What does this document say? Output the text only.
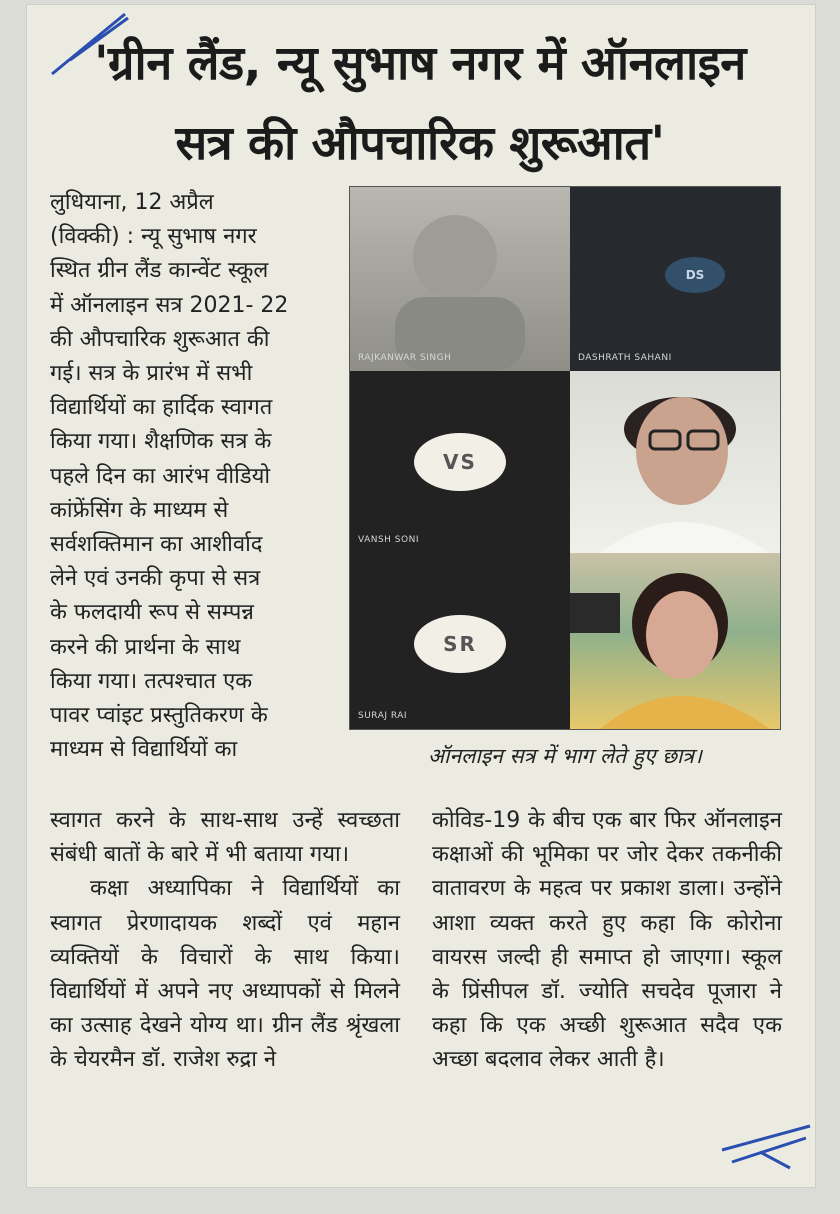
'ग्रीन लैंड, न्यू सुभाष नगर में ऑनलाइन
सत्र की औपचारिक शुरूआत'
लुधियाना, 12 अप्रैल
(विक्की) : न्यू सुभाष नगर
स्थित ग्रीन लैंड कान्वेंट स्कूल
में ऑनलाइन सत्र 2021- 22
की औपचारिक शुरूआत की
गई। सत्र के प्रारंभ में सभी
विद्यार्थियों का हार्दिक स्वागत
किया गया। शैक्षणिक सत्र के
पहले दिन का आरंभ वीडियो
कांफ्रेंसिंग के माध्यम से
सर्वशक्तिमान का आशीर्वाद
लेने एवं उनकी कृपा से सत्र
के फलदायी रूप से सम्पन्न
करने की प्रार्थना के साथ
किया गया। तत्पश्चात एक
पावर प्वांइट प्रस्तुतिकरण के
माध्यम से विद्यार्थियों का
RAJKANWAR SINGH
DS
DASHRATH SAHANI
VS
VANSH SONI
SR
SURAJ RAI
ऑनलाइन सत्र में भाग लेते हुए छात्र।

स्वागत करने के साथ-साथ उन्हें स्वच्छता संबंधी बातों के बारे में भी बताया गया।

कक्षा अध्यापिका ने विद्यार्थियों का स्वागत प्रेरणादायक शब्दों एवं महान व्यक्तियों के विचारों के साथ किया। विद्यार्थियों में अपने नए अध्यापकों से मिलने का उत्साह देखने योग्य था। ग्रीन लैंड श्रृंखला के चेयरमैन डॉ. राजेश रुद्रा ने

कोविड-19 के बीच एक बार फिर ऑनलाइन कक्षाओं की भूमिका पर जोर देकर तकनीकी वातावरण के महत्व पर प्रकाश डाला। उन्होंने आशा व्यक्त करते हुए कहा कि कोरोना वायरस जल्दी ही समाप्त हो जाएगा। स्कूल के प्रिंसीपल डॉ. ज्योति सचदेव पूजारा ने कहा कि एक अच्छी शुरूआत सदैव एक अच्छा बदलाव लेकर आती है।
